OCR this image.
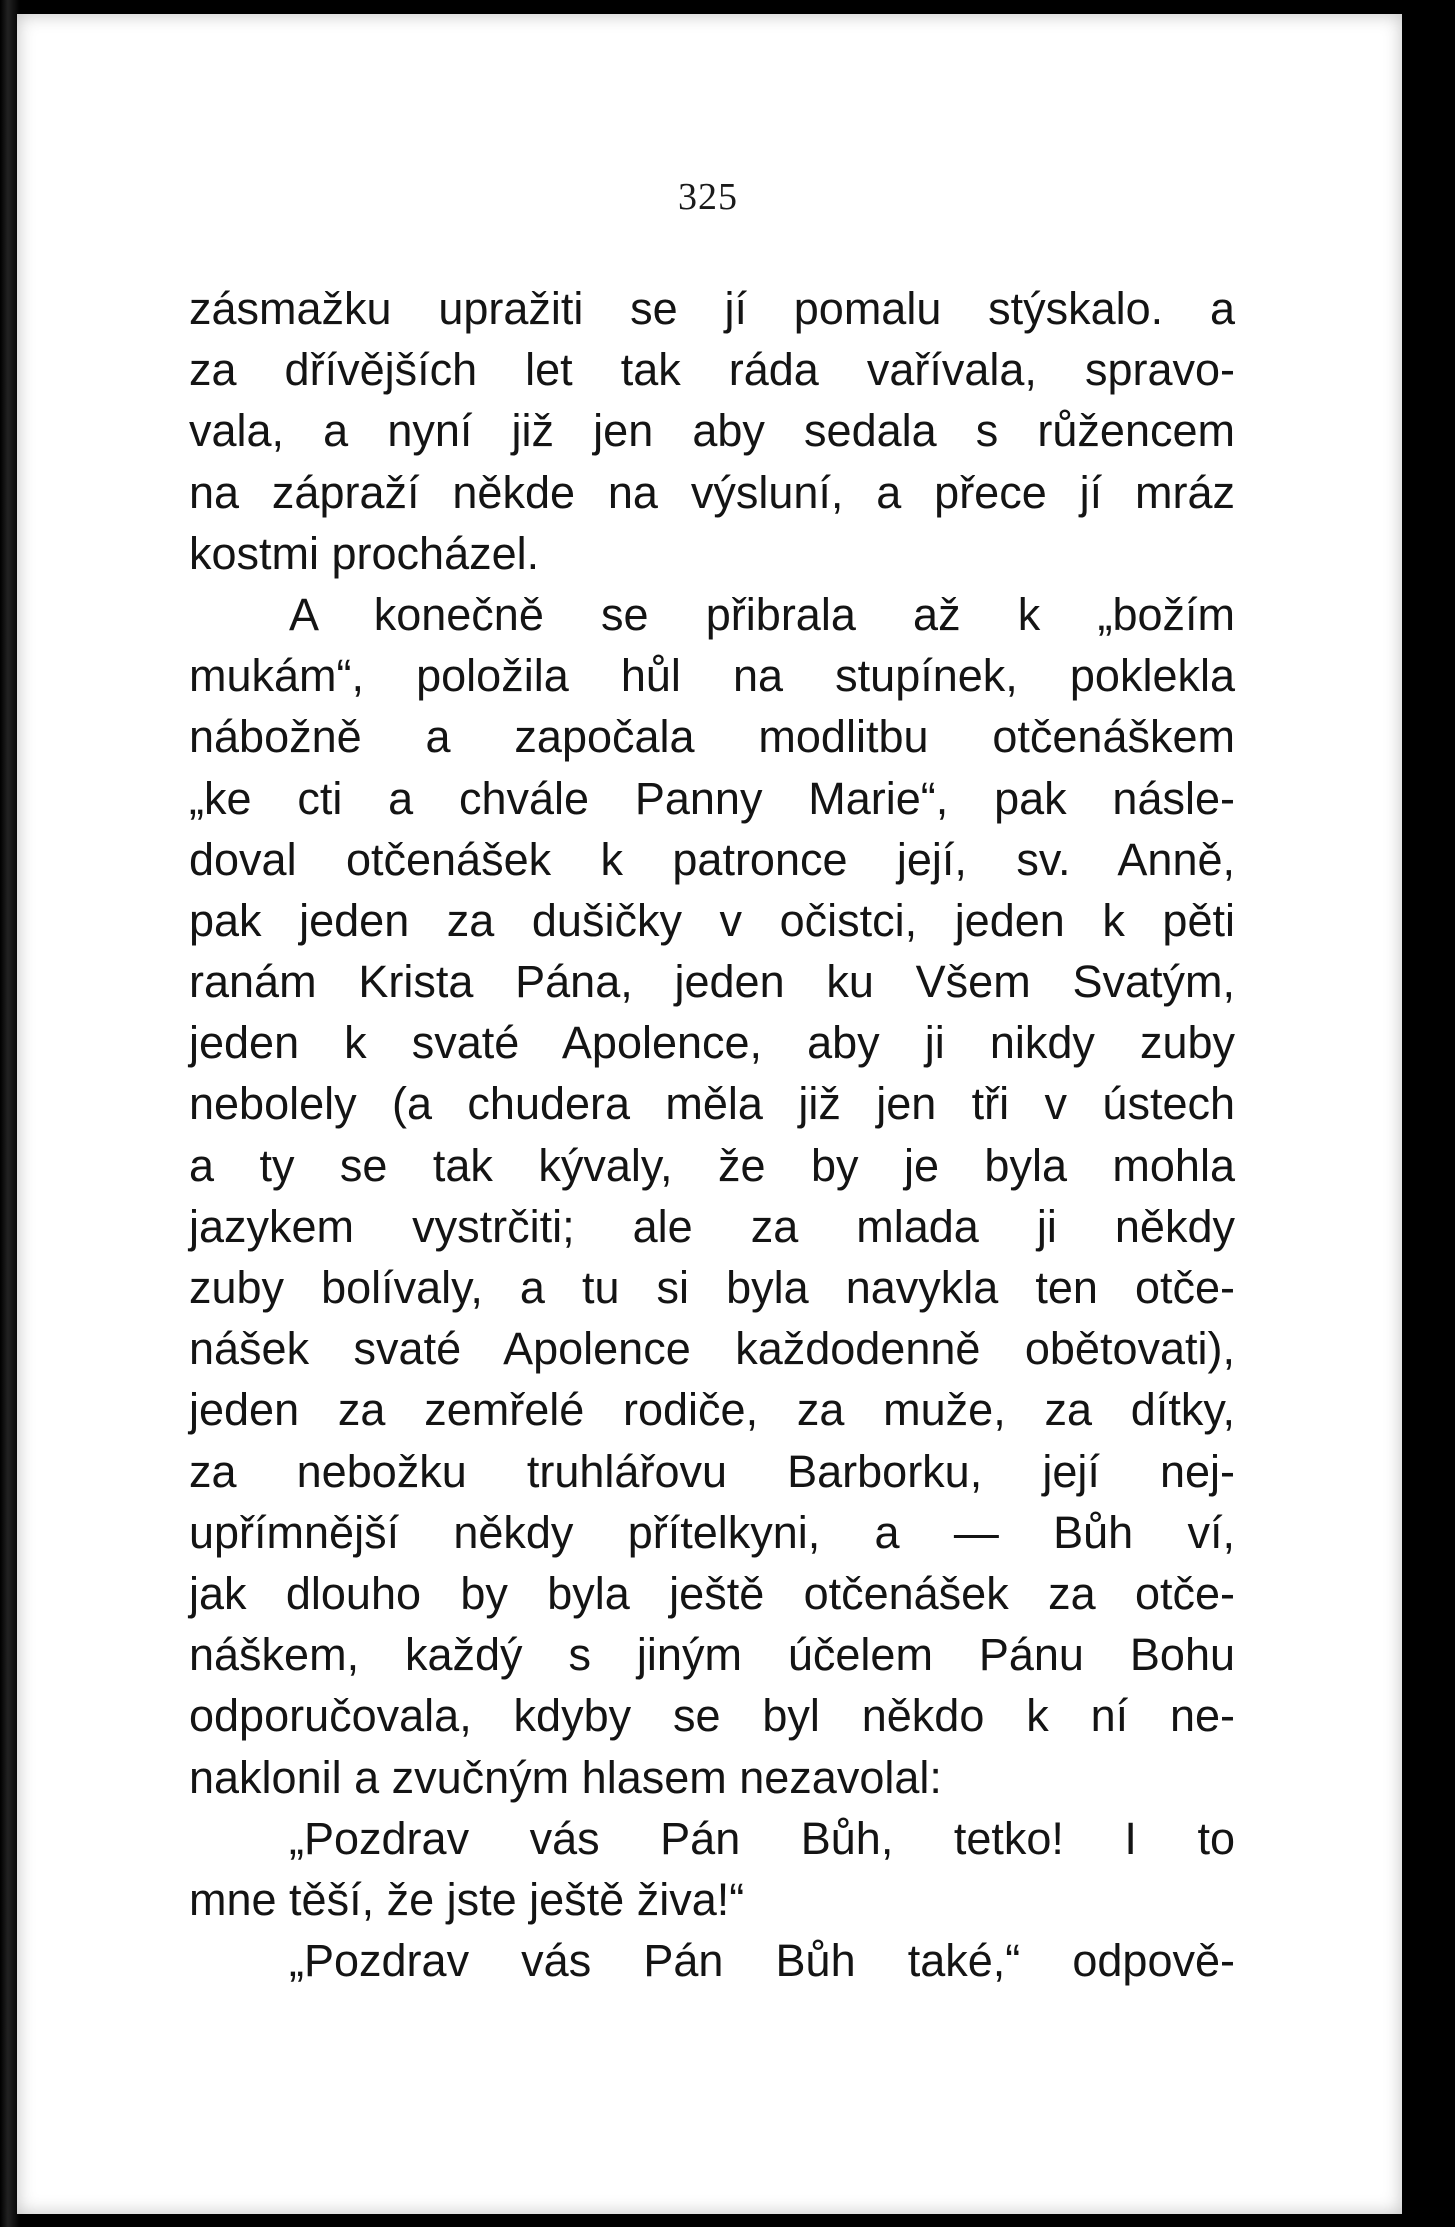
325
zásmažku upražiti se jí pomalu stýskalo. a
za dřívějších let tak ráda vařívala, spravo-
vala, a nyní již jen aby sedala s růžencem
na zápraží někde na výsluní, a přece jí mráz
kostmi procházel.
A konečně se přibrala až k „božím
mukám“, položila hůl na stupínek, poklekla
nábožně a započala modlitbu otčenáškem
„ke cti a chvále Panny Marie“, pak násle-
doval otčenášek k patronce její, sv. Anně,
pak jeden za dušičky v očistci, jeden k pěti
ranám Krista Pána, jeden ku Všem Svatým,
jeden k svaté Apolence, aby ji nikdy zuby
nebolely (a chudera měla již jen tři v ústech
a ty se tak kývaly, že by je byla mohla
jazykem vystrčiti; ale za mlada ji někdy
zuby bolívaly, a tu si byla navykla ten otče-
nášek svaté Apolence každodenně obětovati),
jeden za zemřelé rodiče, za muže, za dítky,
za nebožku truhlářovu Barborku, její nej-
upřímnější někdy přítelkyni, a — Bůh ví,
jak dlouho by byla ještě otčenášek za otče-
náškem, každý s jiným účelem Pánu Bohu
odporučovala, kdyby se byl někdo k ní ne-
naklonil a zvučným hlasem nezavolal:
„Pozdrav vás Pán Bůh, tetko! I to
mne těší, že jste ještě živa!“
„Pozdrav vás Pán Bůh také,“ odpově-
